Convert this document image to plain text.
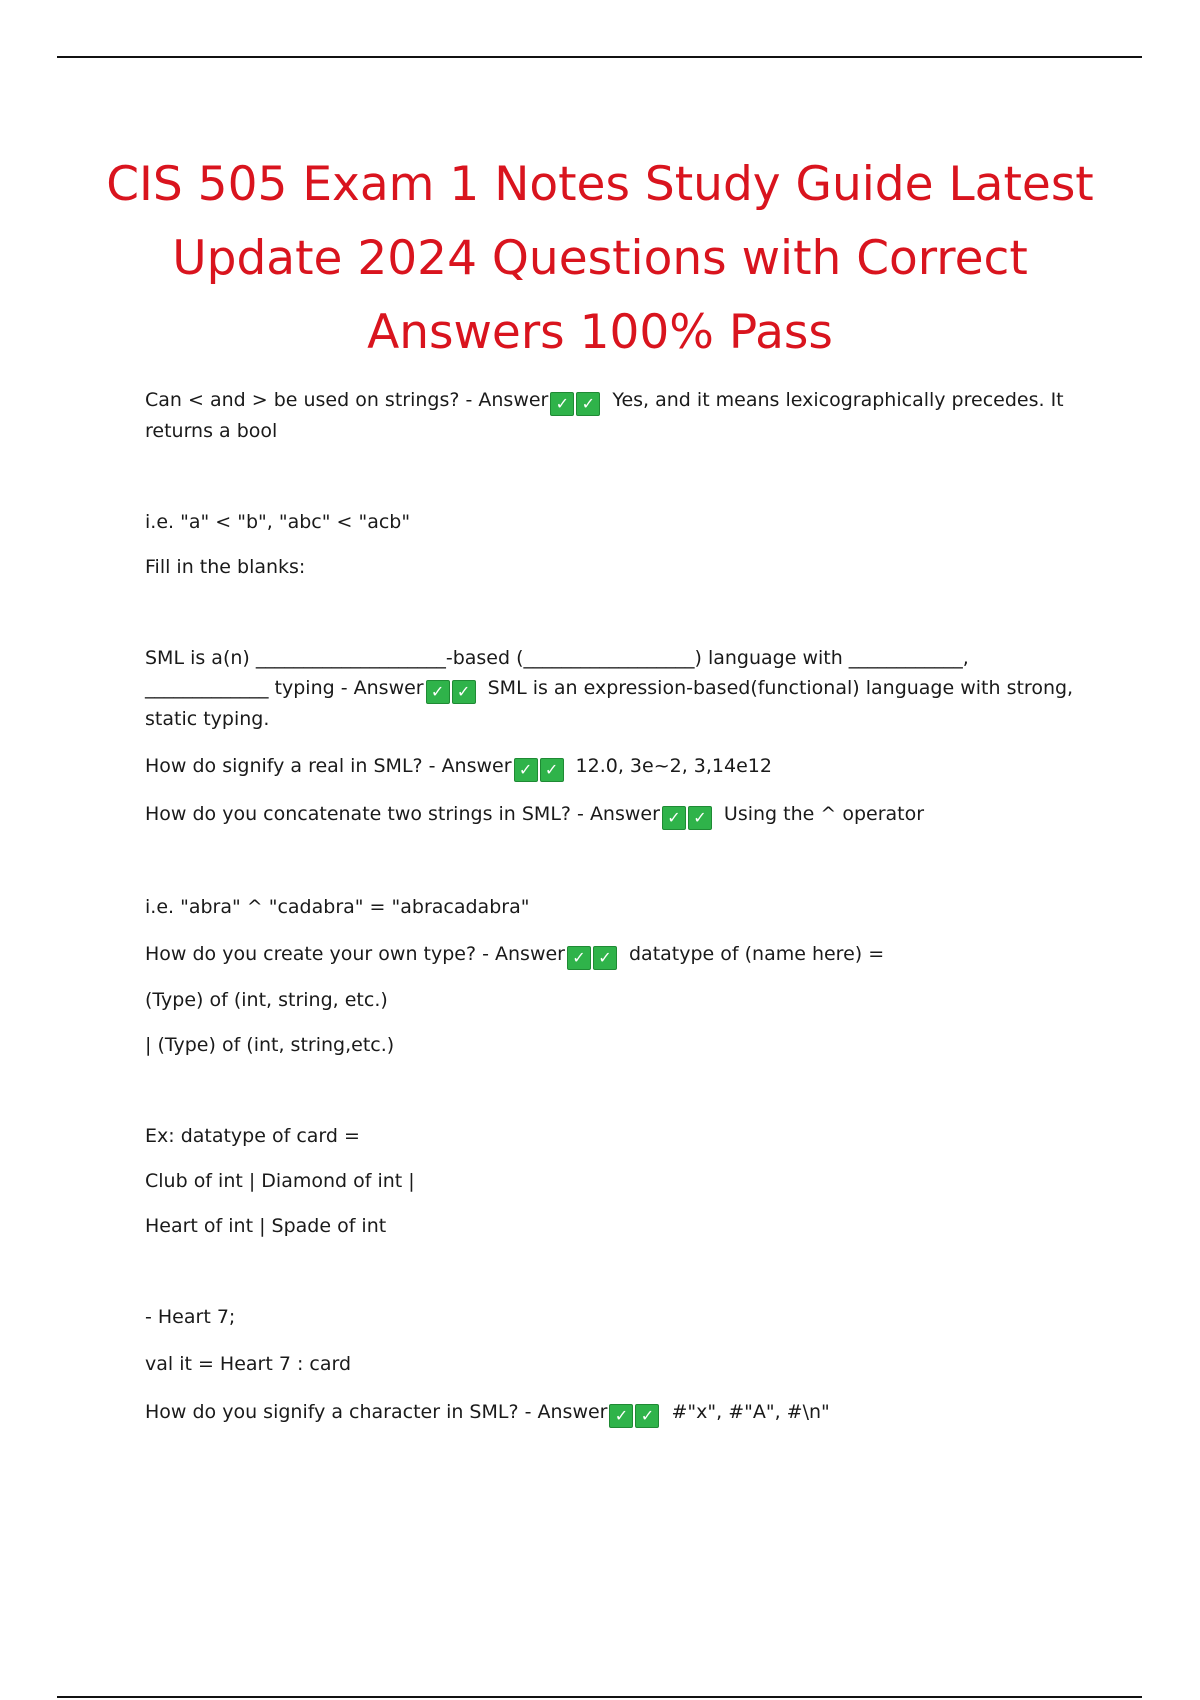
CIS 505 Exam 1 Notes Study Guide Latest
Update 2024 Questions with Correct
Answers 100% Pass

Can < and > be used on strings? - Answer ✓ ✓ Yes, and it means lexicographically precedes. It returns a bool

i.e. "a" < "b", "abc" < "acb"

Fill in the blanks:

SML is a(n) ____________________-based (__________________) language with ____________, _____________ typing - Answer ✓ ✓ SML is an expression-based(functional) language with strong, static typing.

How do signify a real in SML? - Answer ✓ ✓ 12.0, 3e~2, 3,14e12

How do you concatenate two strings in SML? - Answer ✓ ✓ Using the ^ operator

i.e. "abra" ^ "cadabra" = "abracadabra"

How do you create your own type? - Answer ✓ ✓ datatype of (name here) =

(Type) of (int, string, etc.)

| (Type) of (int, string,etc.)

Ex: datatype of card =

Club of int | Diamond of int |

Heart of int | Spade of int

- Heart 7;

val it = Heart 7 : card

How do you signify a character in SML? - Answer ✓ ✓ #"x", #"A", #\n"
